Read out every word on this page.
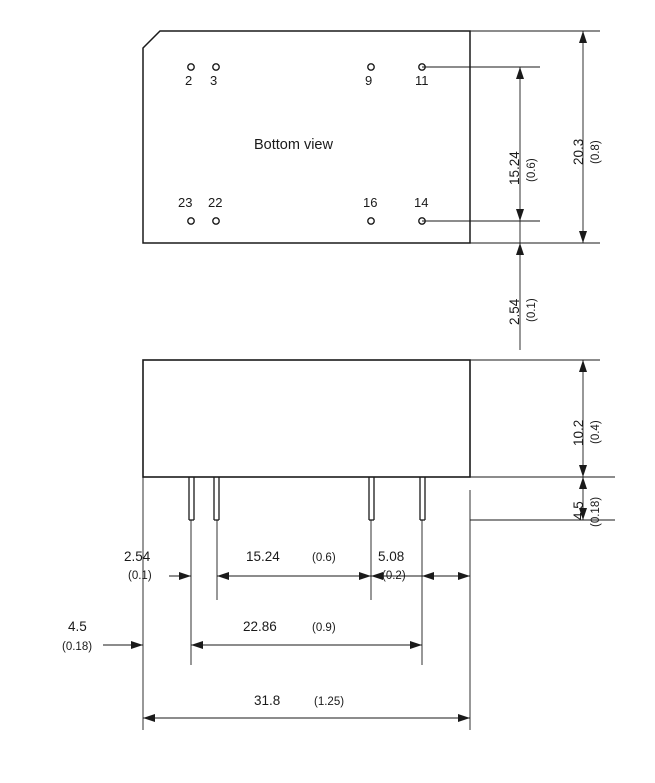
2 3	9	11
23 22	16	14
Bottom view
15.24 (0.6)
20.3 (0.8)
2.54 (0.1)
10.2 (0.4)
4.5 (0.18)
2.54
(0.1)
15.24	(0.6)	5.08
(0.2)
4.5
(0.18)
22.86	(0.9)
31.8	(1.25)
